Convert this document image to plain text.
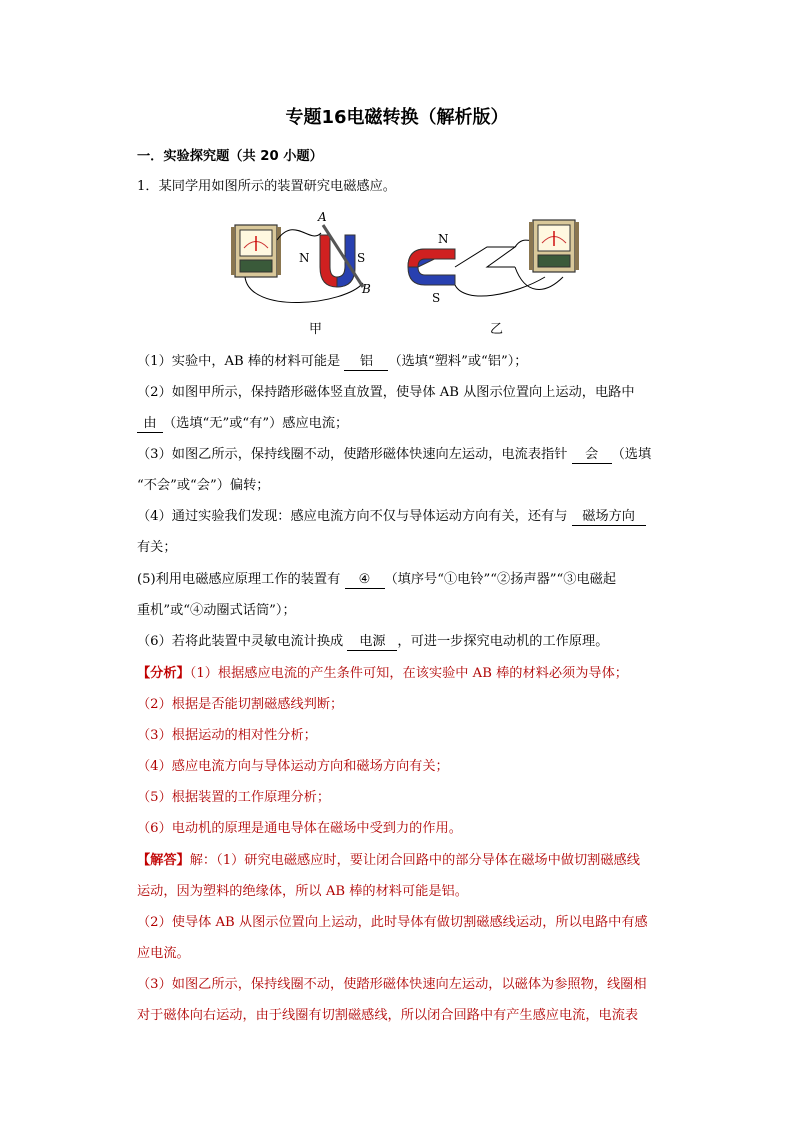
专题16电磁转换（解析版）
一．实验探究题（共 20 小题）
1．某同学用如图所示的装置研究电磁感应。
A
B
N	S
N
S
甲	乙
（1）实验中，AB 棒的材料可能是 铝 （选填“塑料”或“铝”）；
（2）如图甲所示，保持踏形磁体竖直放置，使导体 AB 从图示位置向上运动，电路中
由 （选填“无”或“有”）感应电流；
（3）如图乙所示，保持线圈不动，使踏形磁体快速向左运动，电流表指针 会 （选填
“不会”或“会”）偏转；
（4）通过实验我们发现：感应电流方向不仅与导体运动方向有关，还有与 磁场方向
有关；
(5)利用电磁感应原理工作的装置有 ④ （填序号“①电铃”“②扬声器”“③电磁起
重机”或“④动圈式话筒”）；
（6）若将此装置中灵敏电流计换成 电源 ，可进一步探究电动机的工作原理。
【分析】（1）根据感应电流的产生条件可知，在该实验中 AB 棒的材料必须为导体；
（2）根据是否能切割磁感线判断；
（3）根据运动的相对性分析；
（4）感应电流方向与导体运动方向和磁场方向有关；
（5）根据装置的工作原理分析；
（6）电动机的原理是通电导体在磁场中受到力的作用。
【解答】解：（1）研究电磁感应时，要让闭合回路中的部分导体在磁场中做切割磁感线
运动，因为塑料的绝缘体，所以 AB 棒的材料可能是铝。
（2）使导体 AB 从图示位置向上运动，此时导体有做切割磁感线运动，所以电路中有感
应电流。
（3）如图乙所示，保持线圈不动，使踏形磁体快速向左运动，以磁体为参照物，线圈相
对于磁体向右运动，由于线圈有切割磁感线，所以闭合回路中有产生感应电流，电流表
